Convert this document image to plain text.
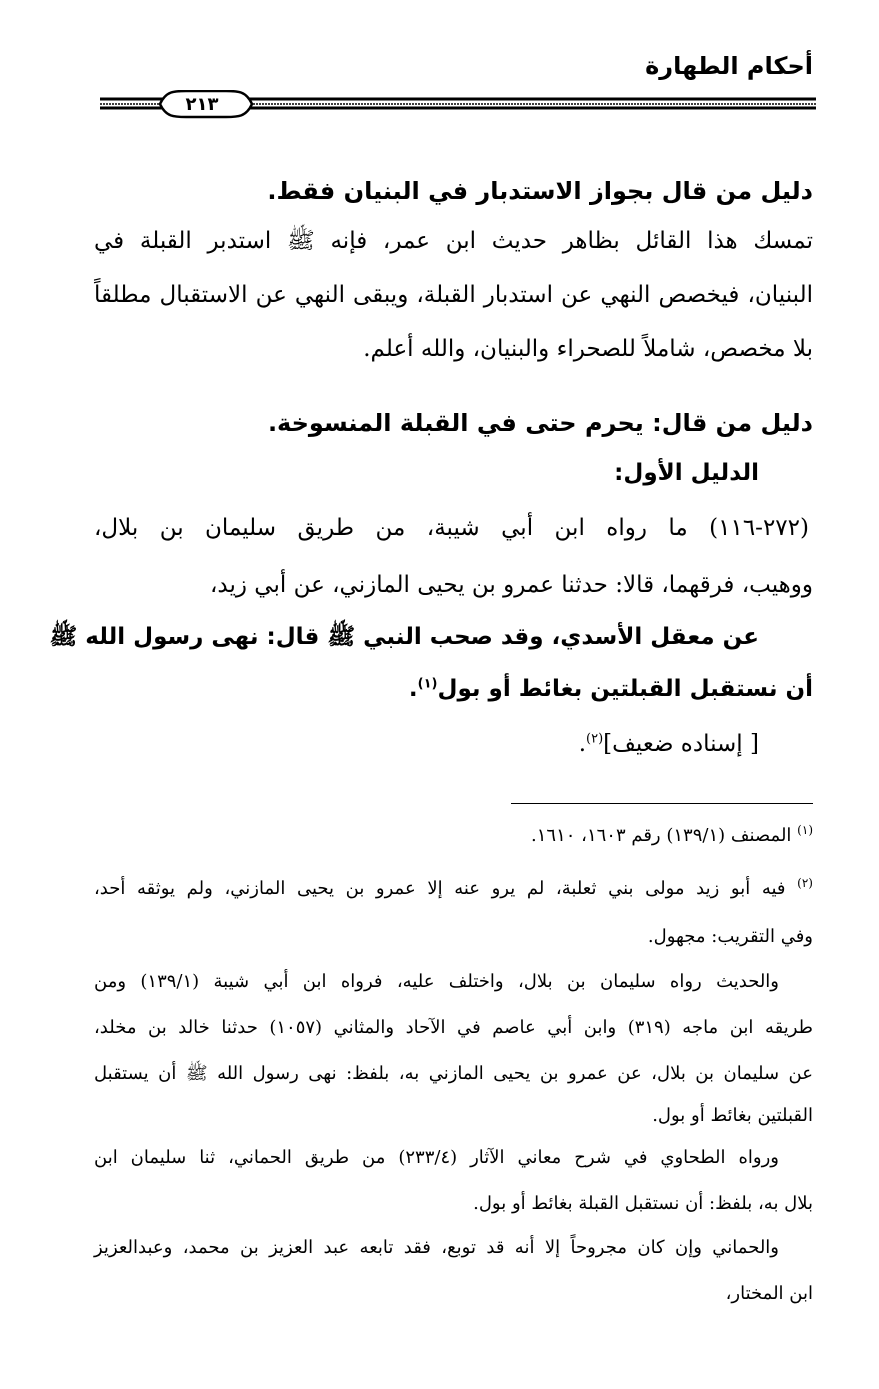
أحكام الطهارة
٢١٣
دليل من قال بجواز الاستدبار في البنيان فقط.
تمسك هذا القائل بظاهر حديث ابن عمر، فإنه ﷺ استدبر القبلة في
البنيان، فيخصص النهي عن استدبار القبلة، ويبقى النهي عن الاستقبال مطلقاً
بلا مخصص، شاملاً للصحراء والبنيان، والله أعلم.
دليل من قال: يحرم حتى في القبلة المنسوخة.
الدليل الأول:
(٢٧٢-١١٦) ما رواه ابن أبي شيبة، من طريق سليمان بن بلال،
ووهيب، فرقهما، قالا: حدثنا عمرو بن يحيى المازني، عن أبي زيد،
عن معقل الأسدي، وقد صحب النبي ﷺ قال: نهى رسول الله ﷺ
أن نستقبل القبلتين بغائط أو بول$^{(١)}$.
[ إسناده ضعيف]$^{(٢)}$.
$^{(١)}$ المصنف (١٣٩/١) رقم ١٦٠٣، ١٦١٠.
$^{(٢)}$ فيه أبو زيد مولى بني ثعلبة، لم يرو عنه إلا عمرو بن يحيى المازني، ولم يوثقه أحد،
وفي التقريب: مجهول.
والحديث رواه سليمان بن بلال، واختلف عليه، فرواه ابن أبي شيبة (١٣٩/١) ومن
طريقه ابن ماجه (٣١٩) وابن أبي عاصم في الآحاد والمثاني (١٠٥٧) حدثنا خالد بن مخلد،
عن سليمان بن بلال، عن عمرو بن يحيى المازني به، بلفظ: نهى رسول الله ﷺ أن يستقبل
القبلتين بغائط أو بول.
ورواه الطحاوي في شرح معاني الآثار (٢٣٣/٤) من طريق الحماني، ثنا سليمان ابن
بلال به، بلفظ: أن نستقبل القبلة بغائط أو بول.
والحماني وإن كان مجروحاً إلا أنه قد توبع، فقد تابعه عبد العزيز بن محمد، وعبدالعزيز
ابن المختار،
